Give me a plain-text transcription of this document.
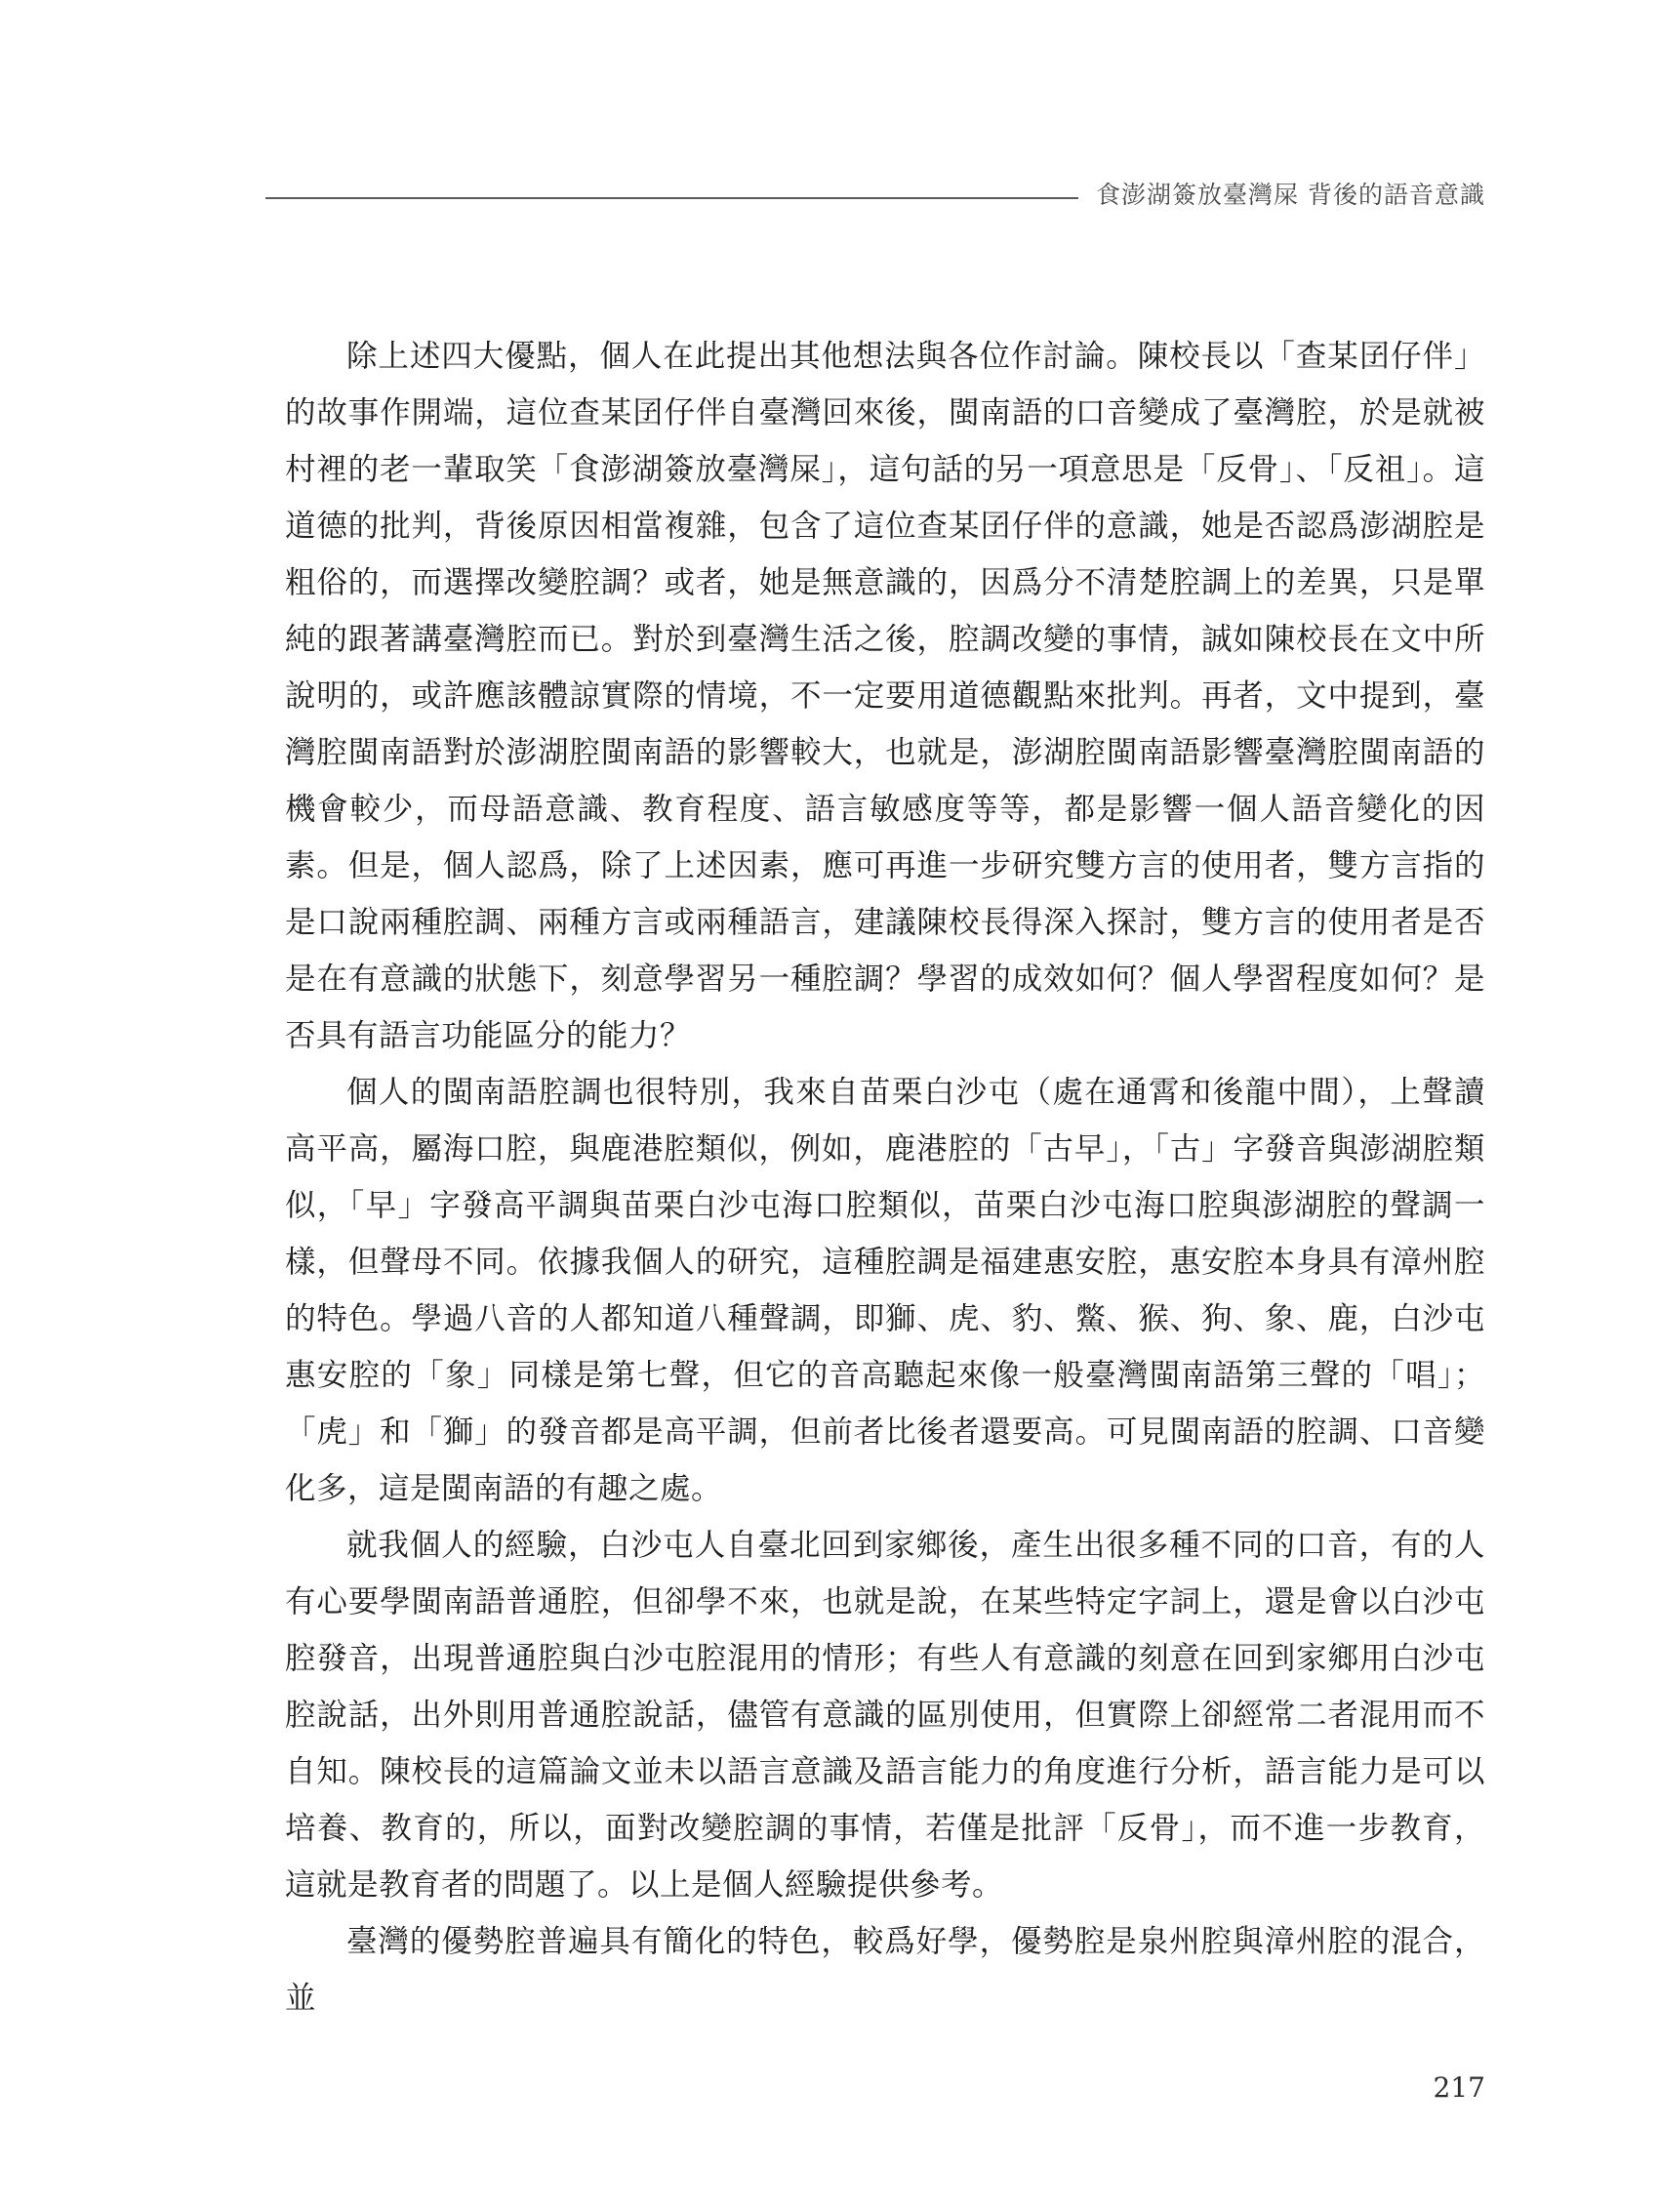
食澎湖簽放臺灣屎 背後的語音意識

除上述四大優點，個人在此提出其他想法與各位作討論。陳校長以「查某囝仔伴」的故事作開端，這位查某囝仔伴自臺灣回來後，閩南語的口音變成了臺灣腔，於是就被村裡的老一輩取笑「食澎湖簽放臺灣屎」，這句話的另一項意思是「反骨」、「反祖」。這道德的批判，背後原因相當複雜，包含了這位查某囝仔伴的意識，她是否認爲澎湖腔是粗俗的，而選擇改變腔調？或者，她是無意識的，因爲分不清楚腔調上的差異，只是單純的跟著講臺灣腔而已。對於到臺灣生活之後，腔調改變的事情，誠如陳校長在文中所說明的，或許應該體諒實際的情境，不一定要用道德觀點來批判。再者，文中提到，臺灣腔閩南語對於澎湖腔閩南語的影響較大，也就是，澎湖腔閩南語影響臺灣腔閩南語的機會較少，而母語意識、教育程度、語言敏感度等等，都是影響一個人語音變化的因素。但是，個人認爲，除了上述因素，應可再進一步研究雙方言的使用者，雙方言指的是口說兩種腔調、兩種方言或兩種語言，建議陳校長得深入探討，雙方言的使用者是否是在有意識的狀態下，刻意學習另一種腔調？學習的成效如何？個人學習程度如何？是否具有語言功能區分的能力？

個人的閩南語腔調也很特別，我來自苗栗白沙屯（處在通霄和後龍中間），上聲讀高平高，屬海口腔，與鹿港腔類似，例如，鹿港腔的「古早」，「古」字發音與澎湖腔類似，「早」字發高平調與苗栗白沙屯海口腔類似，苗栗白沙屯海口腔與澎湖腔的聲調一樣，但聲母不同。依據我個人的研究，這種腔調是福建惠安腔，惠安腔本身具有漳州腔的特色。學過八音的人都知道八種聲調，即獅、虎、豹、鱉、猴、狗、象、鹿，白沙屯惠安腔的「象」同樣是第七聲，但它的音高聽起來像一般臺灣閩南語第三聲的「唱」；「虎」和「獅」的發音都是高平調，但前者比後者還要高。可見閩南語的腔調、口音變化多，這是閩南語的有趣之處。

就我個人的經驗，白沙屯人自臺北回到家鄉後，產生出很多種不同的口音，有的人有心要學閩南語普通腔，但卻學不來，也就是說，在某些特定字詞上，還是會以白沙屯腔發音，出現普通腔與白沙屯腔混用的情形；有些人有意識的刻意在回到家鄉用白沙屯腔說話，出外則用普通腔說話，儘管有意識的區別使用，但實際上卻經常二者混用而不自知。陳校長的這篇論文並未以語言意識及語言能力的角度進行分析，語言能力是可以培養、教育的，所以，面對改變腔調的事情，若僅是批評「反骨」，而不進一步教育，這就是教育者的問題了。以上是個人經驗提供參考。

臺灣的優勢腔普遍具有簡化的特色，較爲好學，優勢腔是泉州腔與漳州腔的混合，並

217
